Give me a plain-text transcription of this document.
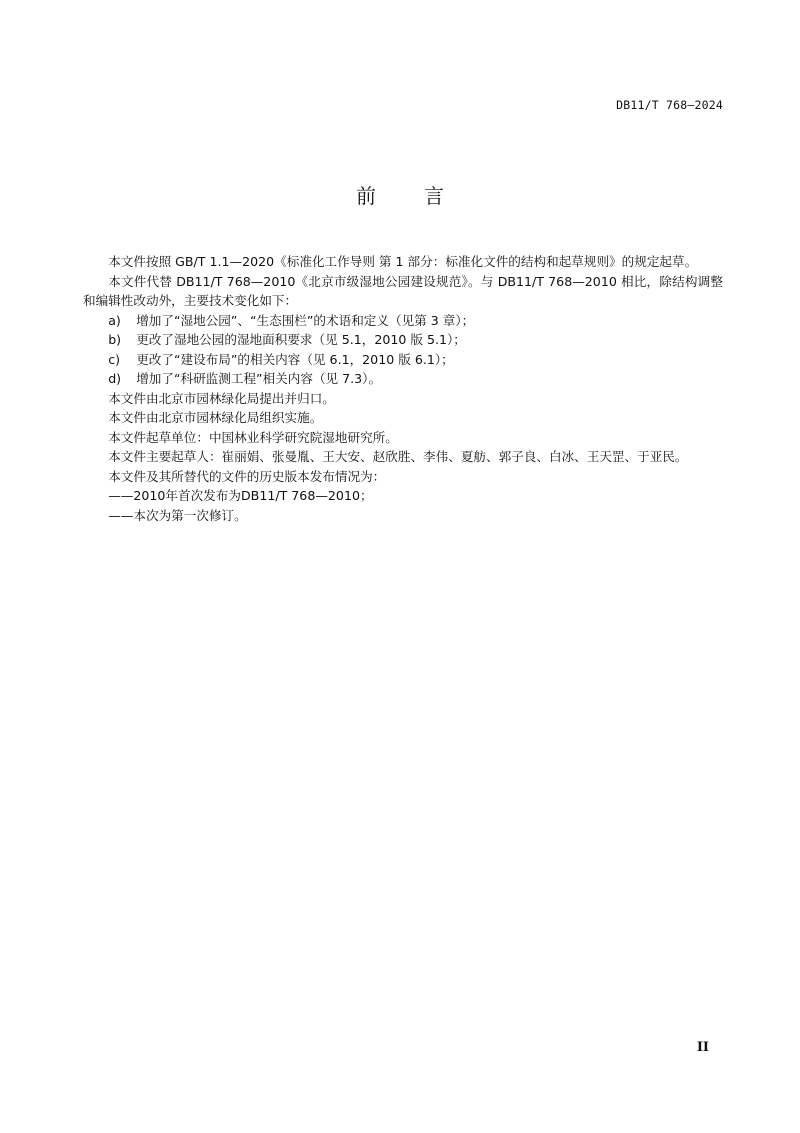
DB11/T 768—2024
前言

本文件按照 GB/T 1.1—2020《标准化工作导则 第 1 部分：标准化文件的结构和起草规则》的规定起草。

本文件代替 DB11/T 768—2010《北京市级湿地公园建设规范》。与 DB11/T 768—2010 相比，除结构调整和编辑性改动外，主要技术变化如下：

a) 增加了“湿地公园”、“生态围栏”的术语和定义（见第 3 章）；

b) 更改了湿地公园的湿地面积要求（见 5.1，2010 版 5.1）；

c) 更改了“建设布局”的相关内容（见 6.1，2010 版 6.1）；

d) 增加了“科研监测工程”相关内容（见 7.3）。

本文件由北京市园林绿化局提出并归口。

本文件由北京市园林绿化局组织实施。

本文件起草单位：中国林业科学研究院湿地研究所。

本文件主要起草人：崔丽娟、张曼胤、王大安、赵欣胜、李伟、夏舫、郭子良、白冰、王天罡、于亚民。

本文件及其所替代的文件的历史版本发布情况为：

——2010年首次发布为DB11/T 768—2010；

——本次为第一次修订。

II
